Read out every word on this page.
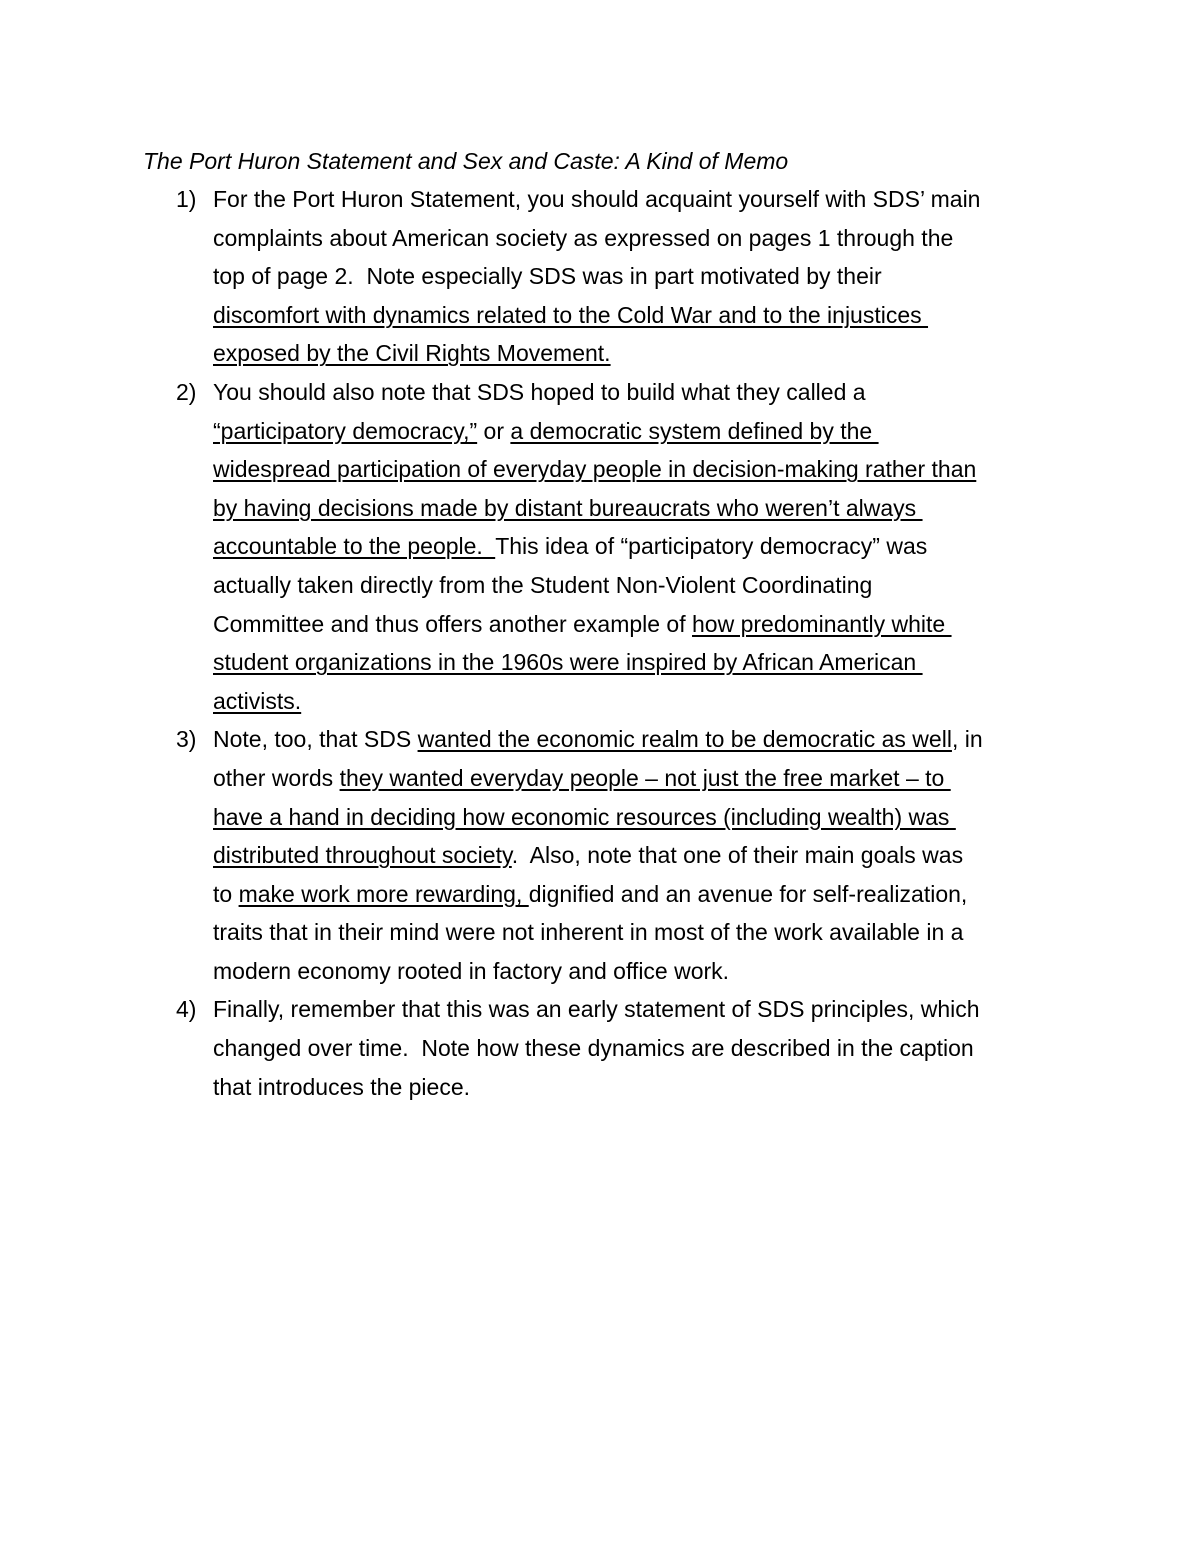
The Port Huron Statement and Sex and Caste: A Kind of Memo
1) For the Port Huron Statement, you should acquaint yourself with SDS’ main
complaints about American society as expressed on pages 1 through the
top of page 2.  Note especially SDS was in part motivated by their
discomfort with dynamics related to the Cold War and to the injustices
exposed by the Civil Rights Movement.
2) You should also note that SDS hoped to build what they called a
“participatory democracy,” or a democratic system defined by the
widespread participation of everyday people in decision-making rather than
by having decisions made by distant bureaucrats who weren’t always
accountable to the people.  This idea of “participatory democracy” was
actually taken directly from the Student Non-Violent Coordinating
Committee and thus offers another example of how predominantly white
student organizations in the 1960s were inspired by African American
activists.
3) Note, too, that SDS wanted the economic realm to be democratic as well, in
other words they wanted everyday people – not just the free market – to
have a hand in deciding how economic resources (including wealth) was
distributed throughout society.  Also, note that one of their main goals was
to make work more rewarding, dignified and an avenue for self-realization,
traits that in their mind were not inherent in most of the work available in a
modern economy rooted in factory and office work.
4) Finally, remember that this was an early statement of SDS principles, which
changed over time.  Note how these dynamics are described in the caption
that introduces the piece.
